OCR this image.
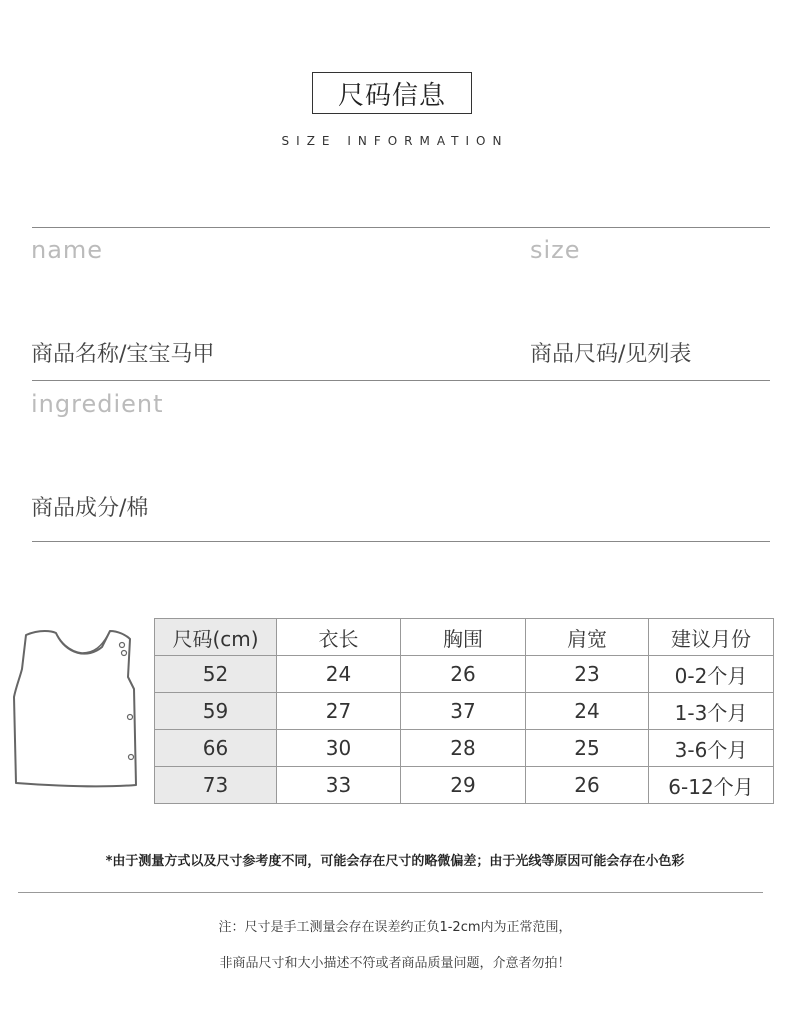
尺码信息
SIZE INFORMATION
name	size
商品名称/宝宝马甲	商品尺码/见列表
ingredient
商品成分/棉
尺码(cm)	衣长	胸围	肩宽	建议月份
52	24	26	23	0-2个月
59	27	37	24	1-3个月
66	30	28	25	3-6个月
73	33	29	26	6-12个月
*由于测量方式以及尺寸参考度不同，可能会存在尺寸的略微偏差；由于光线等原因可能会存在小色彩
注：尺寸是手工测量会存在误差约正负1-2cm内为正常范围，
非商品尺寸和大小描述不符或者商品质量问题，介意者勿拍！
